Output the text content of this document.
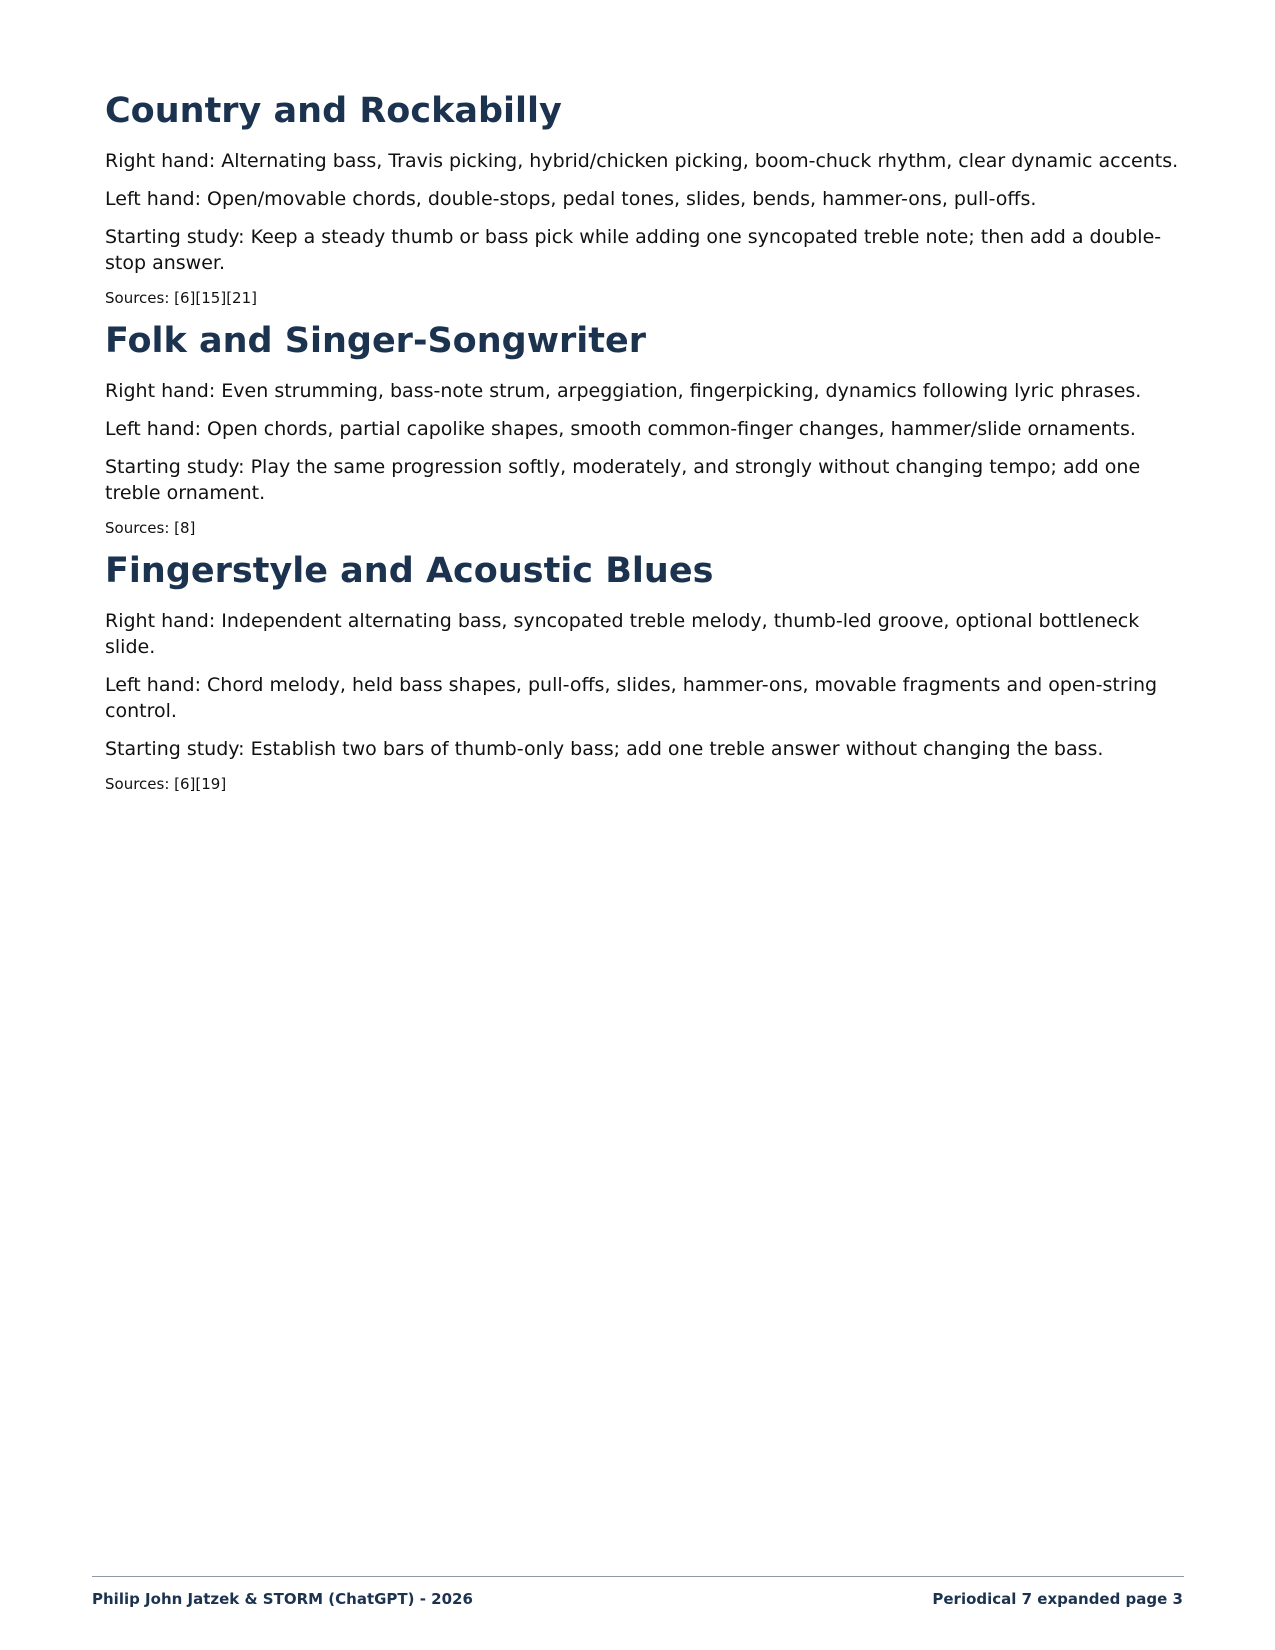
Country and Rockabilly

Right hand: Alternating bass, Travis picking, hybrid/chicken picking, boom-chuck rhythm, clear dynamic accents.

Left hand: Open/movable chords, double-stops, pedal tones, slides, bends, hammer-ons, pull-offs.

Starting study: Keep a steady thumb or bass pick while adding one syncopated treble note; then add a double-stop answer.

Sources: [6][15][21]

Folk and Singer-Songwriter

Right hand: Even strumming, bass-note strum, arpeggiation, fingerpicking, dynamics following lyric phrases.

Left hand: Open chords, partial capolike shapes, smooth common-finger changes, hammer/slide ornaments.

Starting study: Play the same progression softly, moderately, and strongly without changing tempo; add one treble ornament.

Sources: [8]

Fingerstyle and Acoustic Blues

Right hand: Independent alternating bass, syncopated treble melody, thumb-led groove, optional bottleneck slide.

Left hand: Chord melody, held bass shapes, pull-offs, slides, hammer-ons, movable fragments and open-string control.

Starting study: Establish two bars of thumb-only bass; add one treble answer without changing the bass.

Sources: [6][19]

Philip John Jatzek & STORM (ChatGPT) - 2026	Periodical 7 expanded page 3
